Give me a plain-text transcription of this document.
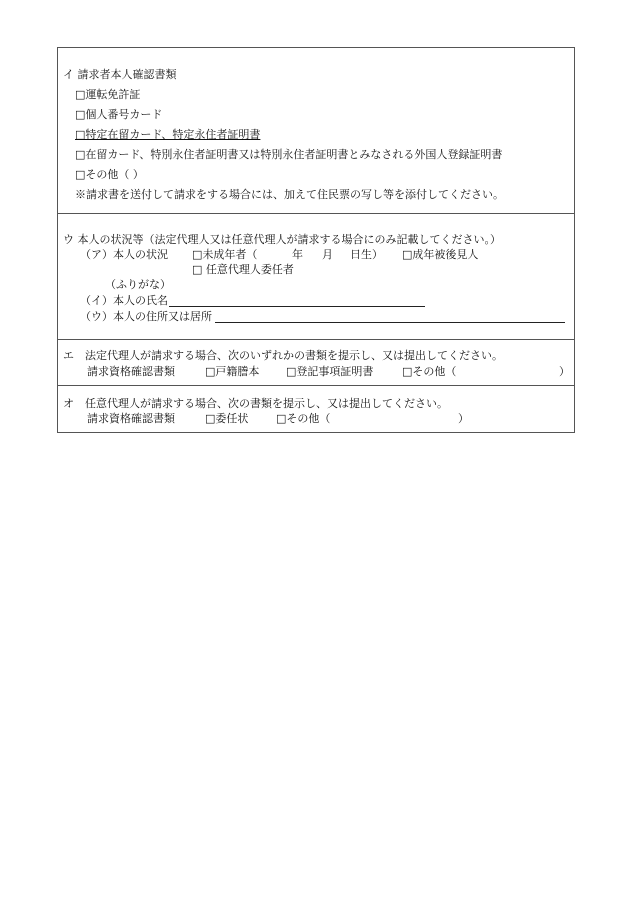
イ 請求者本人確認書類
□運転免許証
□個人番号カード
□特定在留カード、特定永住者証明書
□在留カード、特別永住者証明書又は特別永住者証明書とみなされる外国人登録証明書
□その他（ ）
※請求書を送付して請求をする場合には、加えて住民票の写し等を添付してください。
ウ 本人の状況等（法定代理人又は任意代理人が請求する場合にのみ記載してください。）
（ア）本人の状況 □未成年者（	年 月 日生） □成年被後見人
□ 任意代理人委任者
（ふりがな）
（イ）本人の氏名
（ウ）本人の住所又は居所
エ　法定代理人が請求する場合、次のいずれかの書類を提示し、又は提出してください。
請求資格確認書類	□戸籍謄本 □登記事項証明書	□その他（	）
オ　任意代理人が請求する場合、次の書類を提示し、又は提出してください。
請求資格確認書類	□委任状	□その他（	）
